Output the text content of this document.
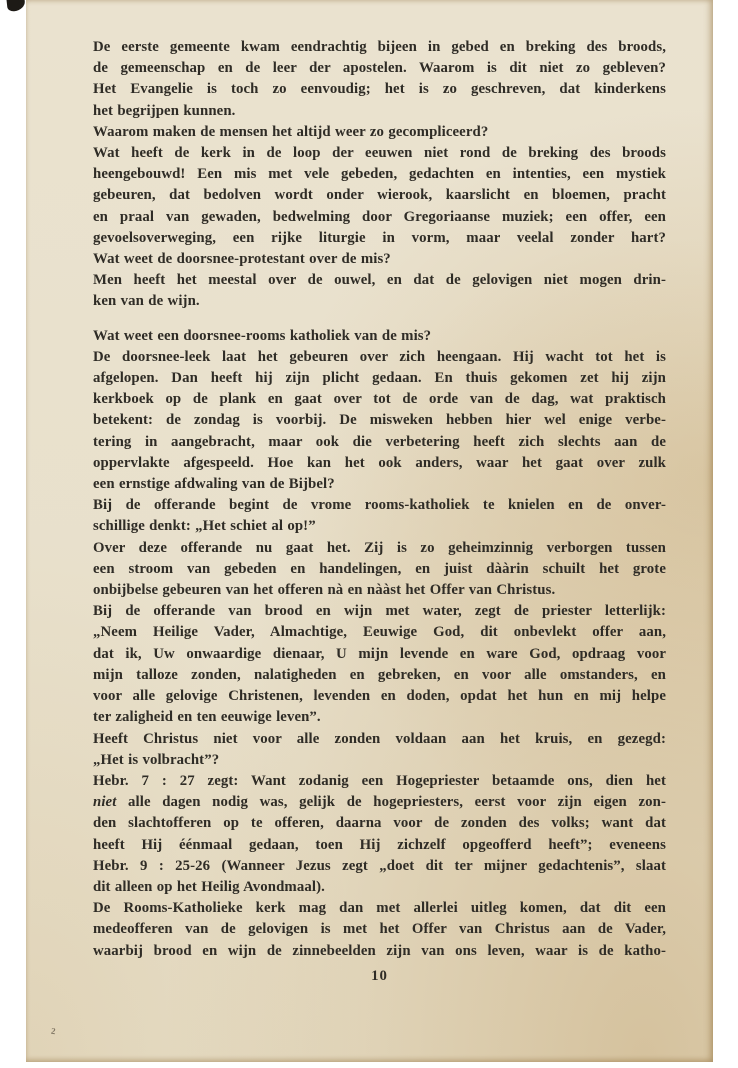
De eerste gemeente kwam eendrachtig bijeen in gebed en breking des broods,
de gemeenschap en de leer der apostelen. Waarom is dit niet zo gebleven?
Het Evangelie is toch zo eenvoudig; het is zo geschreven, dat kinderkens
het begrijpen kunnen.
Waarom maken de mensen het altijd weer zo gecompliceerd?
Wat heeft de kerk in de loop der eeuwen niet rond de breking des broods
heengebouwd! Een mis met vele gebeden, gedachten en intenties, een mystiek
gebeuren, dat bedolven wordt onder wierook, kaarslicht en bloemen, pracht
en praal van gewaden, bedwelming door Gregoriaanse muziek; een offer, een
gevoelsoverweging, een rijke liturgie in vorm, maar veelal zonder hart?
Wat weet de doorsnee-protestant over de mis?
Men heeft het meestal over de ouwel, en dat de gelovigen niet mogen drin-
ken van de wijn.
Wat weet een doorsnee-rooms katholiek van de mis?
De doorsnee-leek laat het gebeuren over zich heengaan. Hij wacht tot het is
afgelopen. Dan heeft hij zijn plicht gedaan. En thuis gekomen zet hij zijn
kerkboek op de plank en gaat over tot de orde van de dag, wat praktisch
betekent: de zondag is voorbij. De misweken hebben hier wel enige verbe-
tering in aangebracht, maar ook die verbetering heeft zich slechts aan de
oppervlakte afgespeeld. Hoe kan het ook anders, waar het gaat over zulk
een ernstige afdwaling van de Bijbel?
Bij de offerande begint de vrome rooms-katholiek te knielen en de onver-
schillige denkt: „Het schiet al op!”
Over deze offerande nu gaat het. Zij is zo geheimzinnig verborgen tussen
een stroom van gebeden en handelingen, en juist dààrin schuilt het grote
onbijbelse gebeuren van het offeren nà en nààst het Offer van Christus.
Bij de offerande van brood en wijn met water, zegt de priester letterlijk:
„Neem Heilige Vader, Almachtige, Eeuwige God, dit onbevlekt offer aan,
dat ik, Uw onwaardige dienaar, U mijn levende en ware God, opdraag voor
mijn talloze zonden, nalatigheden en gebreken, en voor alle omstanders, en
voor alle gelovige Christenen, levenden en doden, opdat het hun en mij helpe
ter zaligheid en ten eeuwige leven”.
Heeft Christus niet voor alle zonden voldaan aan het kruis, en gezegd:
„Het is volbracht”?
Hebr. 7 : 27 zegt: Want zodanig een Hogepriester betaamde ons, dien het
niet alle dagen nodig was, gelijk de hogepriesters, eerst voor zijn eigen zon-
den slachtofferen op te offeren, daarna voor de zonden des volks; want dat
heeft Hij éénmaal gedaan, toen Hij zichzelf opgeofferd heeft”; eveneens
Hebr. 9 : 25-26 (Wanneer Jezus zegt „doet dit ter mijner gedachtenis”, slaat
dit alleen op het Heilig Avondmaal).
De Rooms-Katholieke kerk mag dan met allerlei uitleg komen, dat dit een
medeofferen van de gelovigen is met het Offer van Christus aan de Vader,
waarbij brood en wijn de zinnebeelden zijn van ons leven, waar is de katho-
10
2
